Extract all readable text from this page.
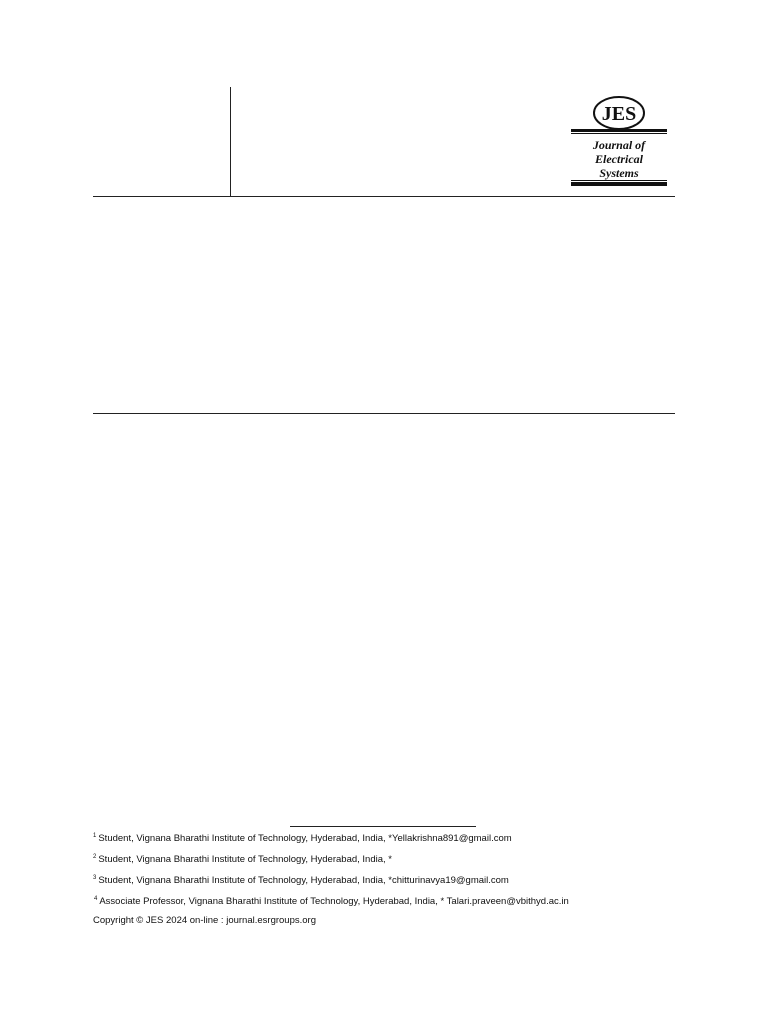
JES
Journal of
Electrical
Systems
$^1$ Student, Vignana Bharathi Institute of Technology, Hyderabad, India, *Yellakrishna891@gmail.com
$^2$ Student, Vignana Bharathi Institute of Technology, Hyderabad, India, *
$^3$ Student, Vignana Bharathi Institute of Technology, Hyderabad, India, *chitturinavya19@gmail.com
$^4$ Associate Professor, Vignana Bharathi Institute of Technology, Hyderabad, India, * Talari.praveen@vbithyd.ac.in
Copyright © JES 2024 on-line : journal.esrgroups.org
